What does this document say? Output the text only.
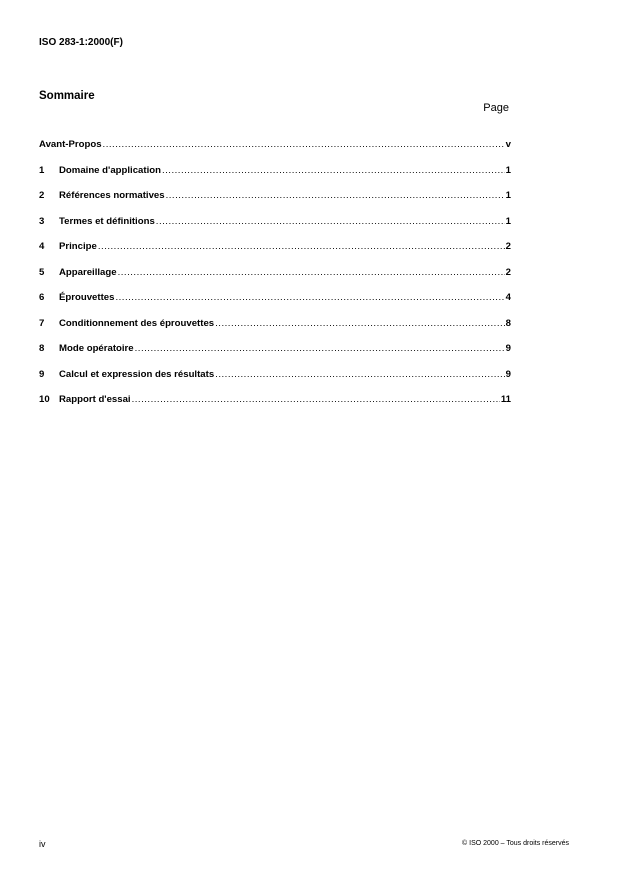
ISO 283-1:2000(F)
Sommaire
Page
Avant-Propos .....	v
1	Domaine d'application .....	1
2	Références normatives .....	1
3	Termes et définitions .....	1
4	Principe .....	2
5	Appareillage .....	2
6	Éprouvettes .....	4
7	Conditionnement des éprouvettes .....	8
8	Mode opératoire .....	9
9	Calcul et expression des résultats .....	9
10 Rapport d'essai .....	11
iv	© ISO 2000 – Tous droits réservés
